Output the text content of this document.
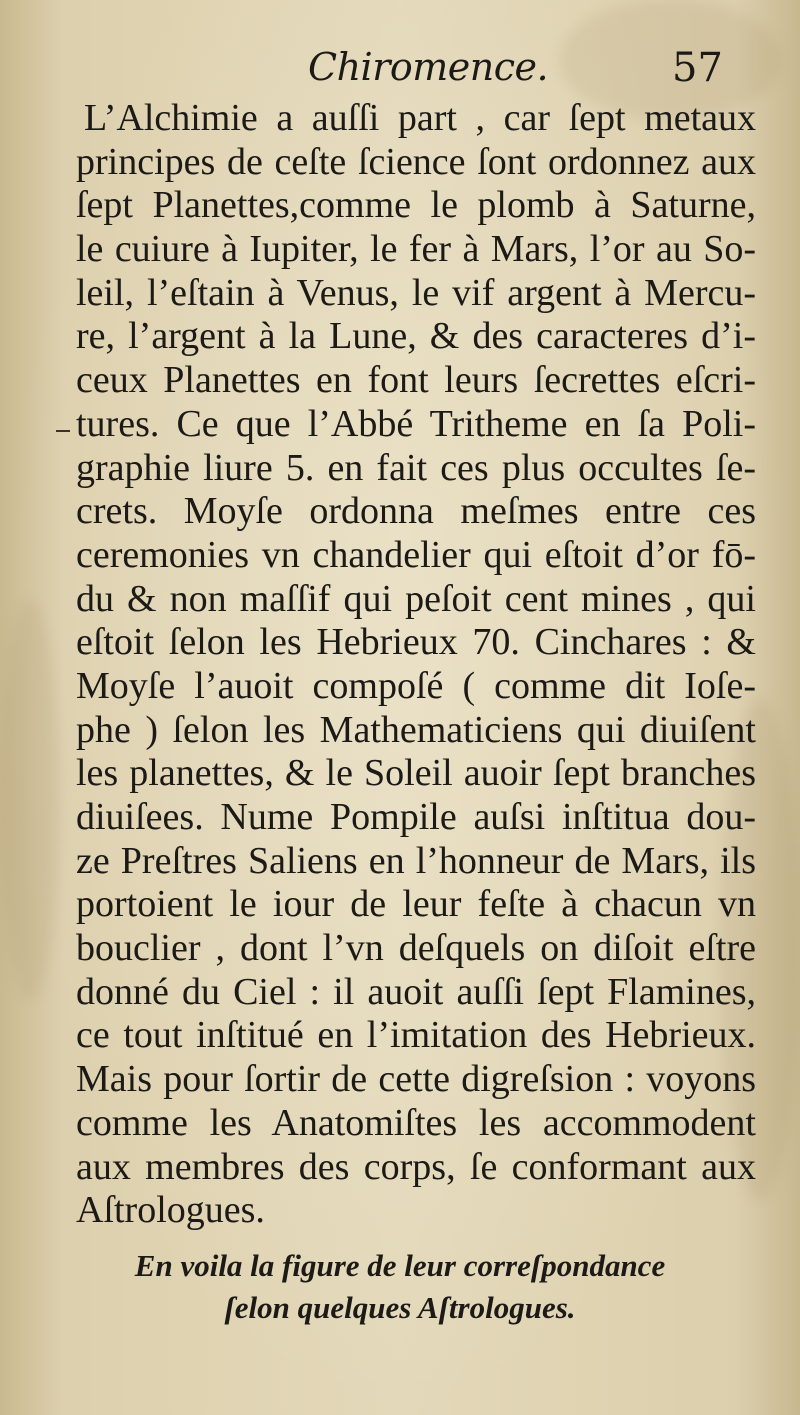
Chiromence.	57
L’Alchimie a auſſi part , car ſept metaux
principes de ceſte ſcience ſont ordonnez aux
ſept Planettes,comme le plomb à Saturne,
le cuiure à Iupiter, le fer à Mars, l’or au So-
leil, l’eſtain à Venus, le vif argent à Mercu-
re, l’argent à la Lune, & des caracteres d’i-
ceux Planettes en font leurs ſecrettes eſcri-
tures. Ce que l’Abbé Tritheme en ſa Poli-
graphie liure 5. en fait ces plus occultes ſe-
crets. Moyſe ordonna meſmes entre ces
ceremonies vn chandelier qui eſtoit d’or fō-
du & non maſſif qui peſoit cent mines , qui
eſtoit ſelon les Hebrieux 70. Cinchares : &
Moyſe l’auoit compoſé ( comme dit Ioſe-
phe ) ſelon les Mathematiciens qui diuiſent
les planettes, & le Soleil auoir ſept branches
diuiſees. Nume Pompile auſsi inſtitua dou-
ze Preſtres Saliens en l’honneur de Mars, ils
portoient le iour de leur feſte à chacun vn
bouclier , dont l’vn deſquels on diſoit eſtre
donné du Ciel : il auoit auſſi ſept Flamines,
ce tout inſtitué en l’imitation des Hebrieux.
Mais pour ſortir de cette digreſsion : voyons
comme les Anatomiſtes les accommodent
aux membres des corps, ſe conformant aux
Aſtrologues.
En voila la figure de leur correſpondance
ſelon quelques Aſtrologues.
